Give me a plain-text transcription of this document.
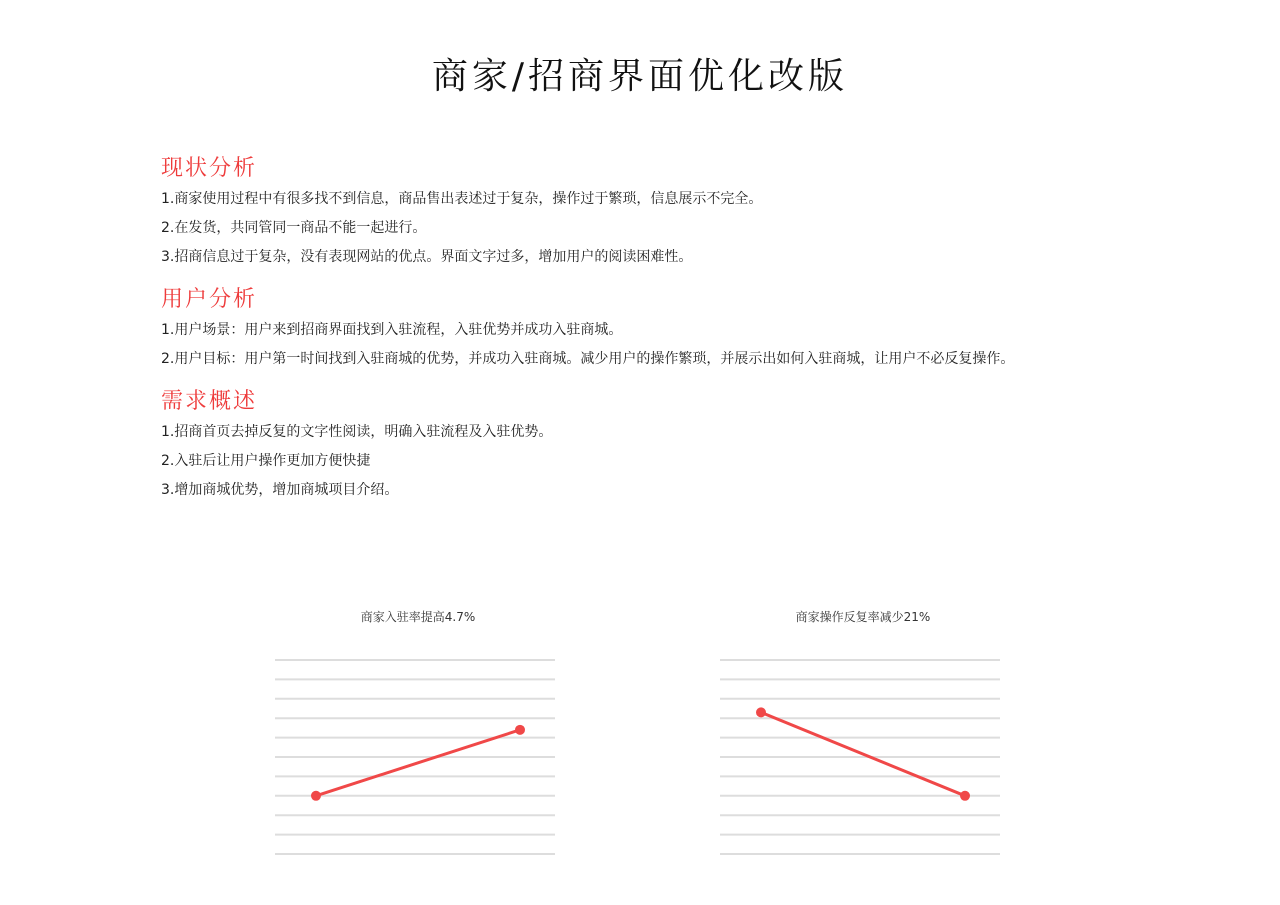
商家/招商界面优化改版
现状分析
1.商家使用过程中有很多找不到信息，商品售出表述过于复杂，操作过于繁琐，信息展示不完全。
2.在发货，共同管同一商品不能一起进行。
3.招商信息过于复杂，没有表现网站的优点。界面文字过多，增加用户的阅读困难性。
用户分析
1.用户场景：用户来到招商界面找到入驻流程，入驻优势并成功入驻商城。
2.用户目标：用户第一时间找到入驻商城的优势，并成功入驻商城。减少用户的操作繁琐，并展示出如何入驻商城，让用户不必反复操作。
需求概述
1.招商首页去掉反复的文字性阅读，明确入驻流程及入驻优势。
2.入驻后让用户操作更加方便快捷
3.增加商城优势，增加商城项目介绍。
商家入驻率提高4.7%	商家操作反复率减少21%
